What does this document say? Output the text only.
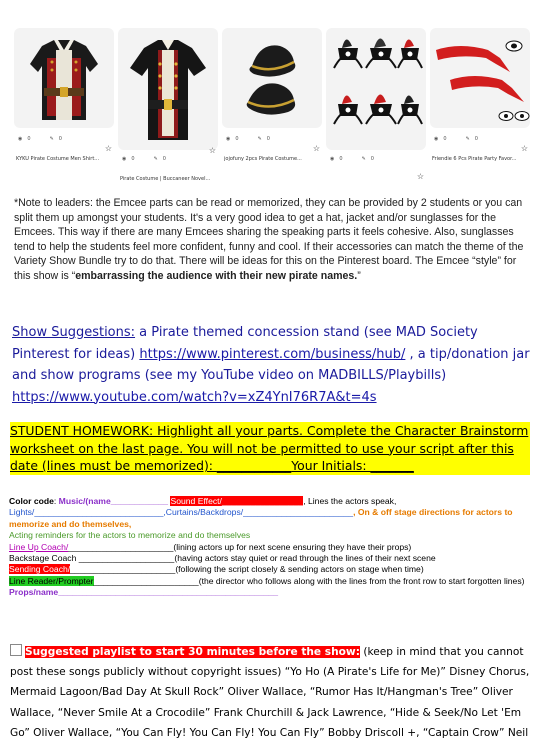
◉ 0	✎ 0
☆
KYKU Pirate Costume Men Shirt...	◉ 0	✎ 0
☆
Pirate Costume | Buccaneer Novel...
◉ 0	✎ 0
☆
jojofuny 2pcs Pirate Costume...	◉ 0	✎ 0
☆
◉ 0	✎ 0
☆
Friendie 6 Pcs Pirate Party Favor...
*Note to leaders: the Emcee parts can be read or memorized, they can be provided by 2 students or you can split them up amongst your students. It's a very good idea to get a hat, jacket and/or sunglasses for the Emcees. This way if there are many Emcees sharing the speaking parts it feels cohesive. Also, sunglasses tend to help the students feel more confident, funny and cool. If their accessories can match the theme of the Variety Show Bundle try to do that. There will be ideas for this on the Pinterest board. The Emcee “style” for this show is “embarrassing the audience with their new pirate names.”
Show Suggestions: a Pirate themed concession stand (see MAD Society Pinterest for ideas) https://www.pinterest.com/business/hub/ , a tip/donation jar and show programs (see my YouTube video on MADBILLS/Playbills) https://www.youtube.com/watch?v=xZ4YnI76R7A&t=4s
STUDENT HOMEWORK: Highlight all your parts. Complete the Character Brainstorm worksheet on the last page. You will not be permitted to use your script after this date (lines must be memorized): ____________Your Initials: _______
Color code: Music/(name____________ Sound Effect/_________________, Lines the actors speak,
Lights/___________________________,Curtains/Backdrops/_______________________, On & off stage directions for actors to memorize and do themselves,
Acting reminders for the actors to memorize and do themselves
Line Up Coach/______________________(lining actors up for next scene ensuring they have their props)
Backstage Coach ____________________(having actors stay quiet or read through the lines of their next scene
Sending Coach/______________________(following the script closely & sending actors on stage when time)
Line Reader/Prompter______________________(the director who follows along with the lines from the front row to start forgotten lines)
Props/name______________________________________________
Suggested playlist to start 30 minutes before the show: (keep in mind that you cannot post these songs publicly without copyright issues) “Yo Ho (A Pirate's Life for Me)” Disney Chorus, Mermaid Lagoon/Bad Day At Skull Rock” Oliver Wallace, “Rumor Has It/Hangman's Tree” Oliver Wallace, “Never Smile At a Crocodile” Frank Churchill & Jack Lawrence, “Hide & Seek/No Let 'Em Go” Oliver Wallace, “You Can Fly! You Can Fly! You Can Fly” Bobby Driscoll +, “Captain Crow” Neil
